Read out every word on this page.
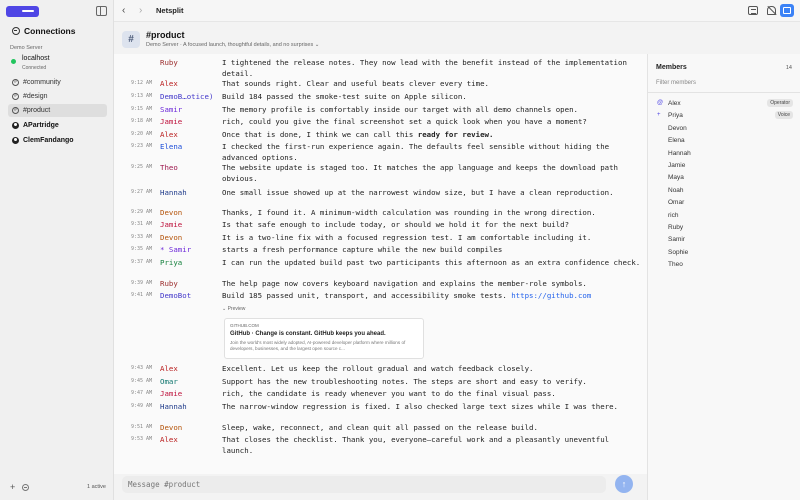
Connections
Demo Server
localhost
Connected
# #community
# #design
# #product
APartridge
ClemFandango
+	1 active
‹ › Netsplit
#	#product
Demo Server · A focused launch, thoughtful details, and no surprises ⌄
⌄ Preview
GITHUB.COM
GitHub · Change is constant. GitHub keeps you ahead.
Join the world's most widely adopted, AI-powered developer platform where millions of developers, businesses, and the largest open source c...
Ruby	I tightened the release notes. They now lead with the benefit instead of the implementation detail.
9:12 AM Alex	That sounds right. Clear and useful beats clever every time.
9:13 AM DemoB…otice) Build 184 passed the smoke-test suite on Apple silicon.
9:15 AM Samir	The memory profile is comfortably inside our target with all demo channels open.
9:18 AM Jamie	rich, could you give the final screenshot set a quick look when you have a moment?
9:20 AM Alex	Once that is done, I think we can call this ready for review.
9:23 AM Elena	I checked the first-run experience again. The defaults feel sensible without hiding the advanced options.
9:25 AM Theo	The website update is staged too. It matches the app language and keeps the download path obvious.
9:27 AM Hannah	One small issue showed up at the narrowest window size, but I have a clean reproduction.
9:29 AM Devon	Thanks, I found it. A minimum-width calculation was rounding in the wrong direction.
9:31 AM Jamie	Is that safe enough to include today, or should we hold it for the next build?
9:33 AM Devon	It is a two-line fix with a focused regression test. I am comfortable including it.
9:35 AM * Samir	starts a fresh performance capture while the new build compiles
9:37 AM Priya	I can run the updated build past two participants this afternoon as an extra confidence check.
9:39 AM Ruby	The help page now covers keyboard navigation and explains the member-role symbols.
9:41 AM DemoBot	Build 185 passed unit, transport, and accessibility smoke tests. https://github.com
9:43 AM Alex	Excellent. Let us keep the rollout gradual and watch feedback closely.
9:45 AM Omar	Support has the new troubleshooting notes. The steps are short and easy to verify.
9:47 AM Jamie	rich, the candidate is ready whenever you want to do the final visual pass.
9:49 AM Hannah	The narrow-window regression is fixed. I also checked large text sizes while I was there.
9:51 AM Devon	Sleep, wake, reconnect, and clean quit all passed on the release build.
9:53 AM Alex	That closes the checklist. Thank you, everyone—careful work and a pleasantly uneventful launch.
Message #product	↑
Members	14
Filter members
@ Alex	Operator
+ Priya	Voice
Devon
Elena
Hannah
Jamie
Maya
Noah
Omar
rich
Ruby
Samir
Sophie
Theo
